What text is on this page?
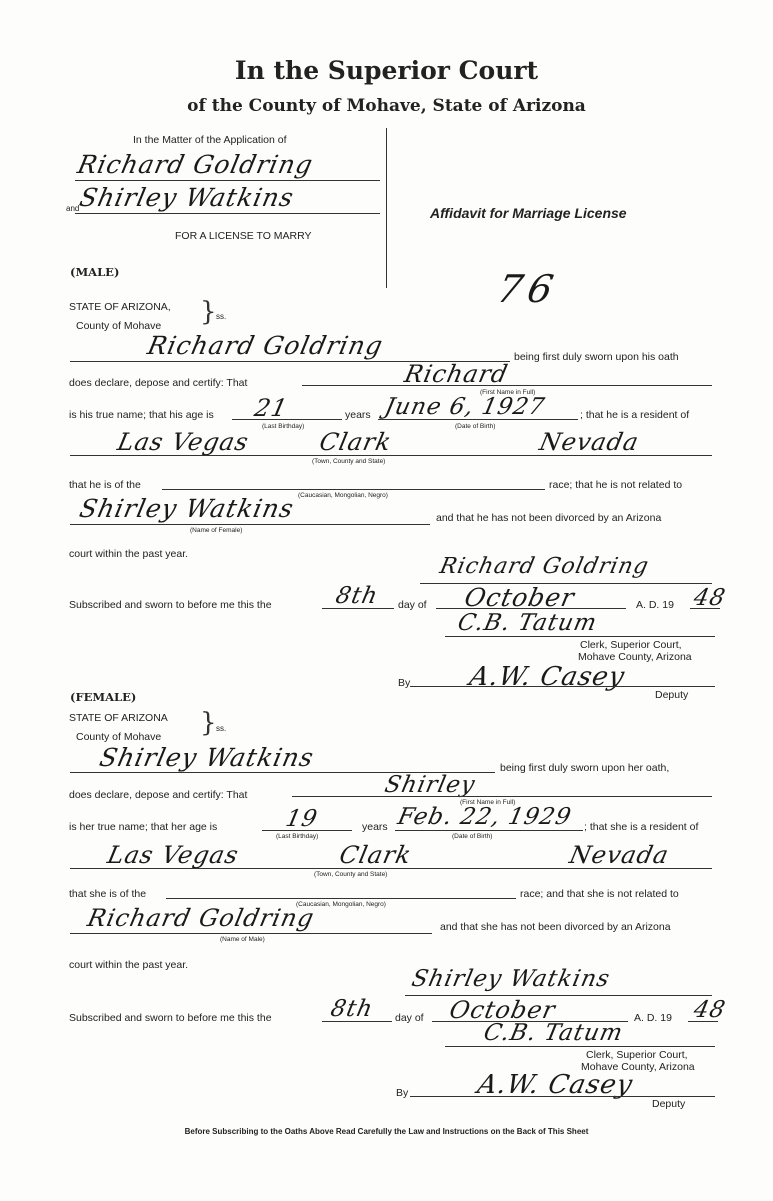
In the Superior Court
of the County of Mohave, State of Arizona
In the Matter of the Application of
Richard Goldring
and
Shirley Watkins
FOR A LICENSE TO MARRY
Affidavit for Marriage License
76
(MALE)
STATE OF ARIZONA, } ss.
County of Mohave
Richard Goldring	being first duly sworn upon his oath
does declare, depose and certify: That	Richard
(First Name in Full)
is his true name; that his age is 21
(Last Birthday)
years June 6, 1927
(Date of Birth)
; that he is a resident of
Las Vegas	Clark	Nevada
(Town, County and State)
that he is of the
(Caucasian, Mongolian, Negro)
race; that he is not related to
Shirley Watkins
(Name of Female)
and that he has not been divorced by an Arizona
court within the past year.	Richard Goldring
Subscribed and sworn to before me this the	8th day of October	A. D. 19 48
C.B. Tatum
Clerk, Superior Court,
Mohave County, Arizona
By A.W. Casey
Deputy
(FEMALE)
STATE OF ARIZONA } ss.
County of Mohave
Shirley Watkins	being first duly sworn upon her oath,
does declare, depose and certify: That	Shirley
(First Name in Full)
is her true name; that her age is	19
(Last Birthday)
years Feb. 22, 1929
(Date of Birth)
; that she is a resident of
Las Vegas	Clark	Nevada
(Town, County and State)
that she is of the
(Caucasian, Mongolian, Negro)
race; and that she is not related to
Richard Goldring
(Name of Male)
and that she has not been divorced by an Arizona
court within the past year.
Shirley Watkins
Subscribed and sworn to before me this the 8th day of October	A. D. 19 48
C.B. Tatum
Clerk, Superior Court,
Mohave County, Arizona
By	A.W. Casey
Deputy
Before Subscribing to the Oaths Above Read Carefully the Law and Instructions on the Back of This Sheet
